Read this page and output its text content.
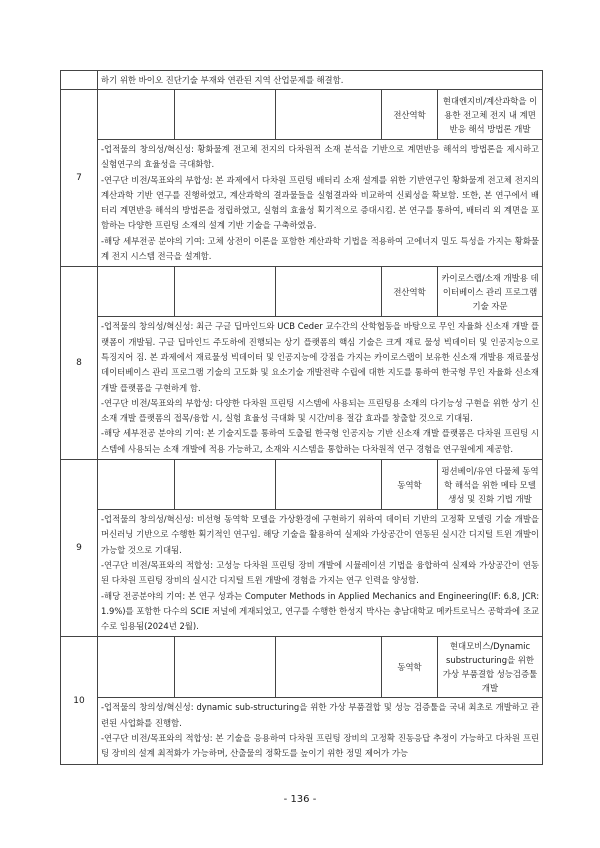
	하기 위한 바이오 진단기술 부재와 연관된 지역 산업문제를 해결함.				
7				전산역학	현대엔지비/계산과학을 이용한 전고체 전지 내 계면반응 해석 방법론 개발

	-업적물의 창의성/혁신성: 황화물계 전고체 전지의 다차원적 소재 분석을 기반으로 계면반응 해석의 방법론을 제시하고 실험연구의 효율성을 극대화함.
-연구단 비전/목표와의 부합성: 본 과제에서 다차원 프린팅 배터리 소재 설계를 위한 기반연구인 황화물계 전고체 전지의 계산과학 기반 연구를 진행하였고, 계산과학의 결과물들을 실험결과와 비교하여 신뢰성을 확보함. 또한, 본 연구에서 배터리 계면반응 해석의 방법론을 정립하였고, 실험의 효율성 획기적으로 증대시킴. 본 연구를 통하여, 배터리 외 계면을 포함하는 다양한 프린팅 소재의 설계 기반 기술을 구축하였음.
-해당 세부전공 분야의 기여: 고체 상전이 이론을 포함한 계산과학 기법을 적용하여 고에너지 밀도 특성을 가지는 황화물계 전지 시스템 전극을 설계함.				

8				전산역학	카이로스랩/소재 개발용 데이터베이스 관리 프로그램 기술 자문

	-업적물의 창의성/혁신성: 최근 구글 딥마인드와 UCB Ceder 교수간의 산학협동을 바탕으로 무인 자율화 신소재 개발 플랫폼이 개발됨. 구글 딥마인드 주도하에 진행되는 상기 플랫폼의 핵심 기술은 크게 재료 물성 빅데이터 및 인공지능으로 특징지어 짐. 본 과제에서 재료물성 빅데이터 및 인공지능에 강점을 가지는 카이로스랩이 보유한 신소재 개발용 재료물성 데이터베이스 관리 프로그램 기술의 고도화 및 요소기술 개발전략 수립에 대한 지도를 통하여 한국형 무인 자율화 신소재 개발 플랫폼을 구현하게 함.
-연구단 비전/목표와의 부합성: 다양한 다차원 프린팅 시스템에 사용되는 프린팅용 소재의 다기능성 구현을 위한 상기 신소재 개발 플랫폼의 접목/융합 시, 실험 효율성 극대화 및 시간/비용 절감 효과를 창출할 것으로 기대됨.
-해당 세부전공 분야의 기여: 본 기술지도를 통하여 도출될 한국형 인공지능 기반 신소재 개발 플랫폼은 다차원 프린팅 시스템에 사용되는 소재 개발에 적용 가능하고, 소재와 시스템을 통합하는 다차원적 연구 경험을 연구원에게 제공함.				

9				동역학	펑션베이/유연 다물체 동역학 해석을 위한 메타 모델 생성 및 진화 기법 개발

	-업적물의 창의성/혁신성: 비선형 동역학 모델을 가상환경에 구현하기 위하여 데이터 기반의 고정확 모델링 기술 개발을 머신러닝 기반으로 수행한 획기적인 연구임. 해당 기술을 활용하여 실제와 가상공간이 연동된 실시간 디지털 트윈 개발이 가능할 것으로 기대됨.
-연구단 비전/목표와의 적합성: 고성능 다차원 프린팅 장비 개발에 시뮬레이션 기법을 융합하여 실제와 가상공간이 연동된 다차원 프린팅 장비의 실시간 디지털 트윈 개발에 경험을 가지는 연구 인력을 양성함.
-해당 전공분야의 기여: 본 연구 성과는 Computer Methods in Applied Mechanics and Engineering(IF: 6.8, JCR: 1.9%)를 포함한 다수의 SCIE 저널에 게재되었고, 연구를 수행한 한성지 박사는 충남대학교 메카트로닉스 공학과에 조교수로 임용됨(2024년 2월).				

10				동역학	현대모비스/Dynamic substructuring을 위한 가상 부품결합 성능검증툴 개발

	-업적물의 창의성/혁신성: dynamic sub-structuring을 위한 가상 부품결합 및 성능 검증툴을 국내 최초로 개발하고 관련된 사업화를 진행함.
-연구단 비전/목표와의 적합성: 본 기술을 응용하여 다차원 프린팅 장비의 고정확 진동응답 추정이 가능하고 다차원 프린팅 장비의 설계 최적화가 가능하며, 산출물의 정확도를 높이기 위한 정밀 제어가 가능				
- 136 -
